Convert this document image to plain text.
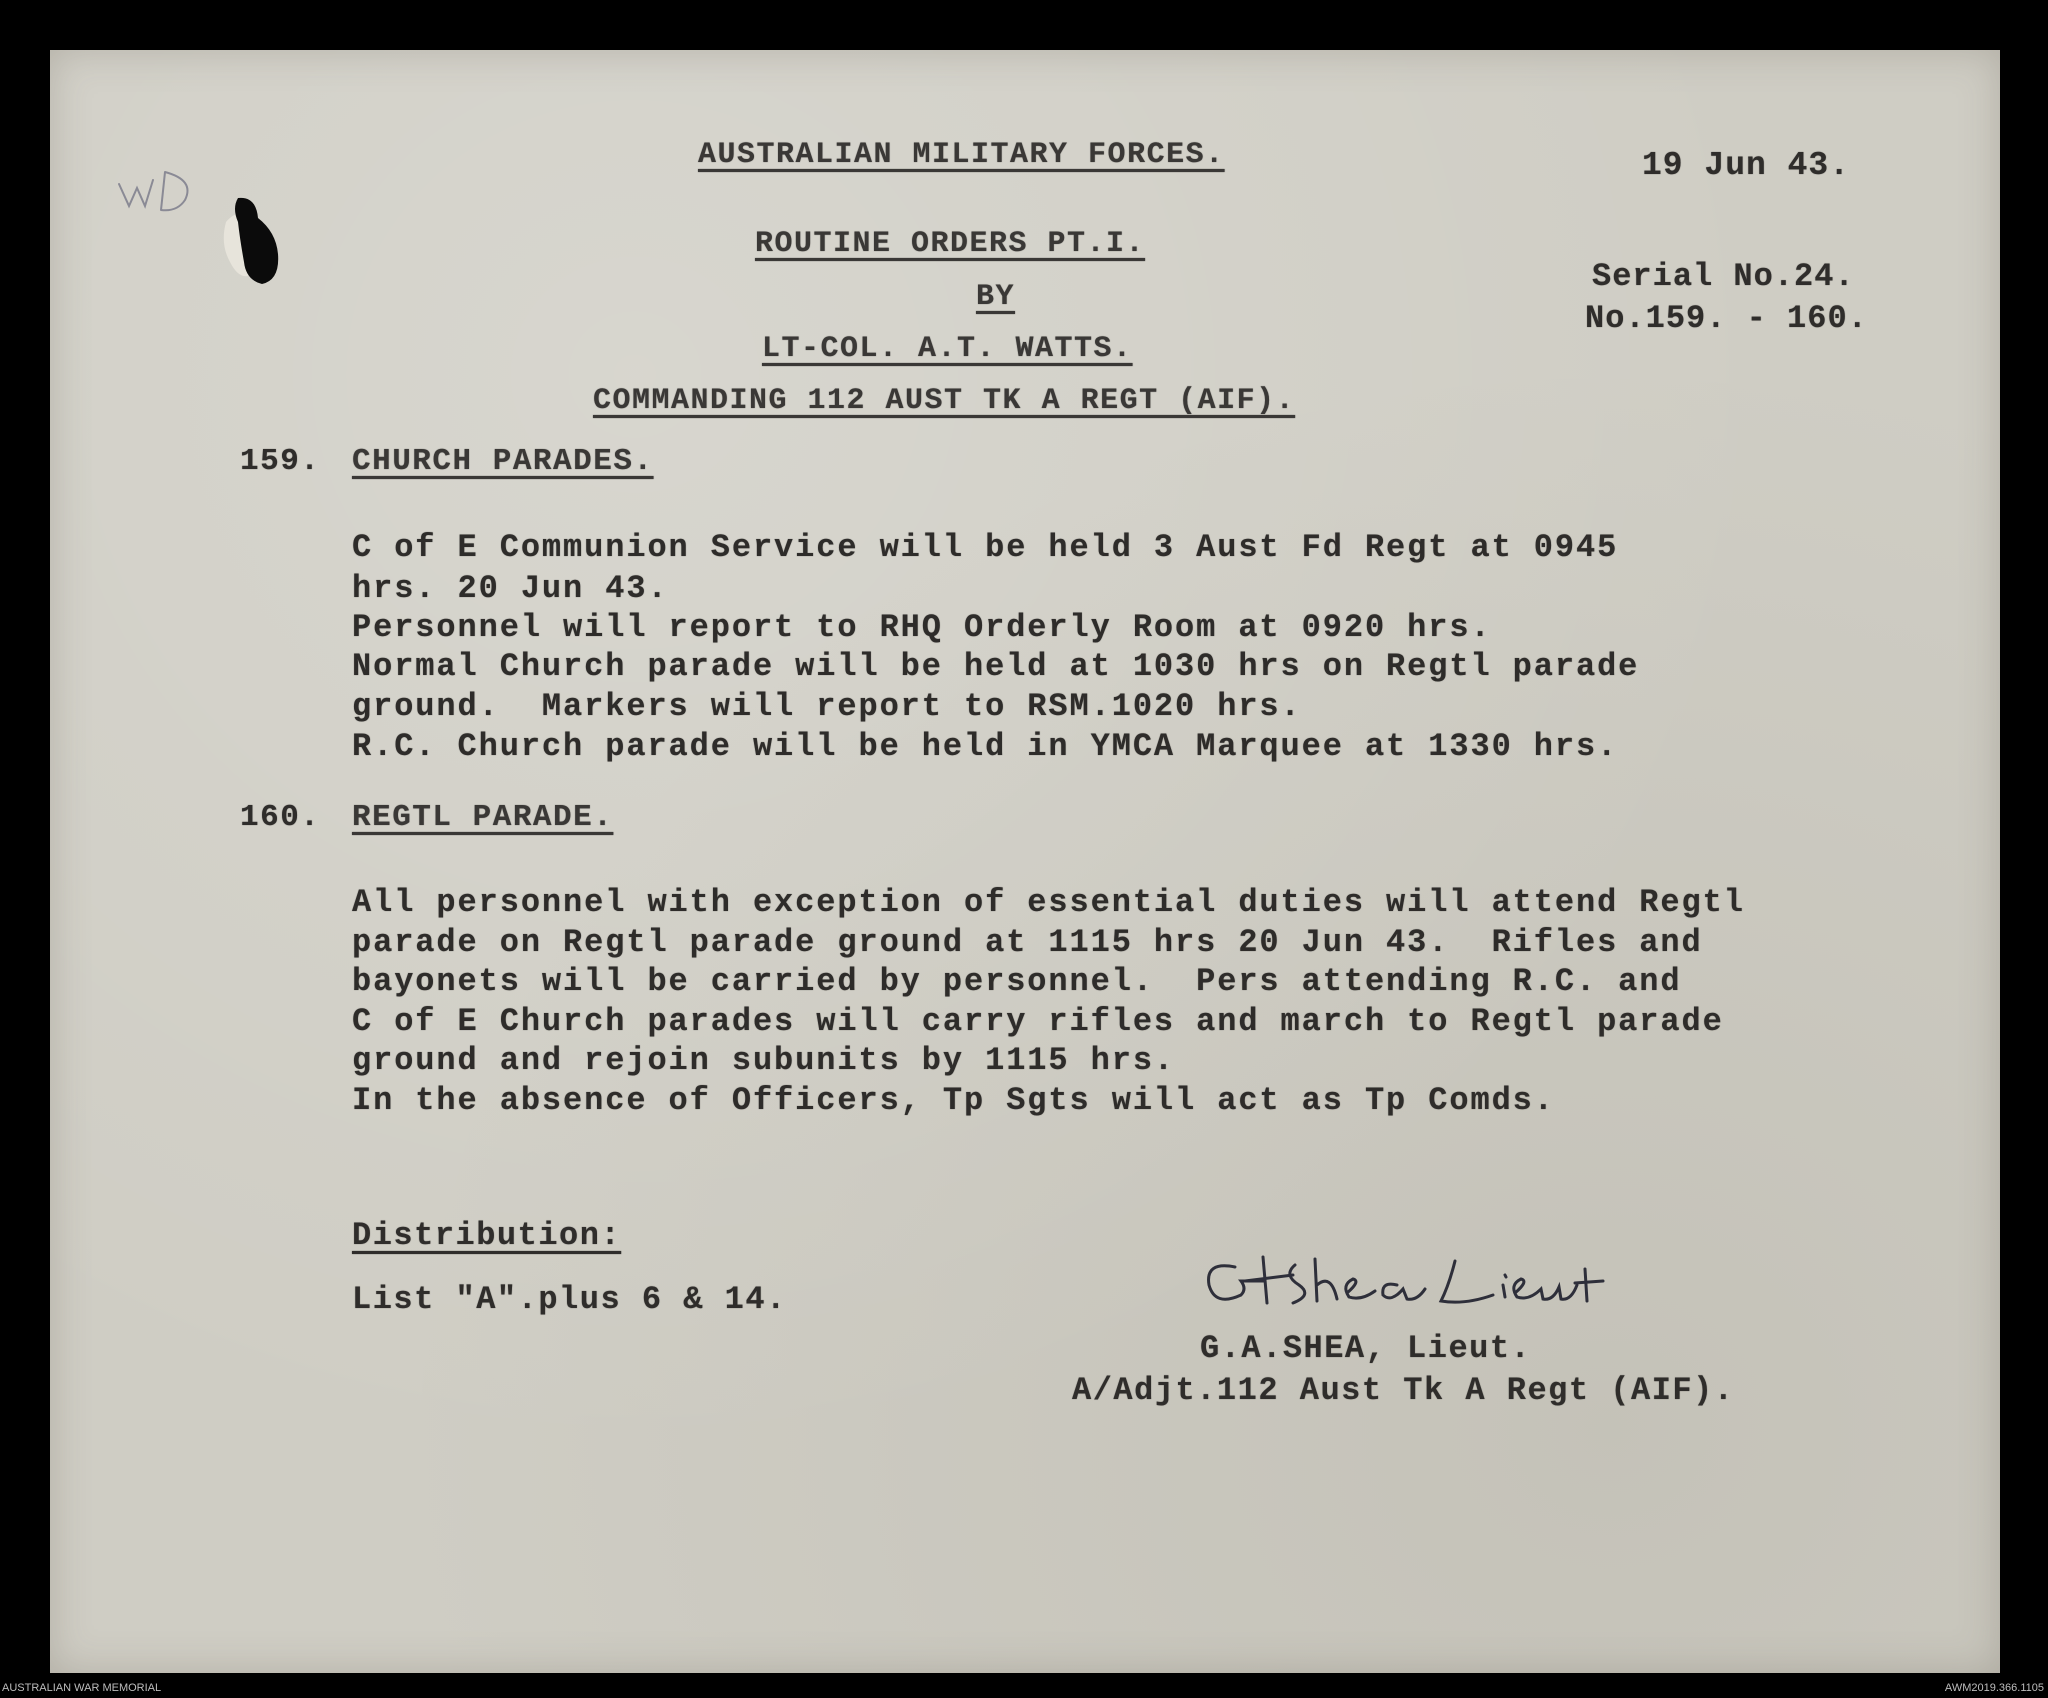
AUSTRALIAN MILITARY FORCES.	19 Jun 43.
ROUTINE ORDERS PT.I.
BY
Serial No.24.
No.159. - 160.
LT-COL. A.T. WATTS.
COMMANDING 112 AUST TK A REGT (AIF).
159. CHURCH PARADES.
C of E Communion Service will be held 3 Aust Fd Regt at 0945
hrs. 20 Jun 43.
Personnel will report to RHQ Orderly Room at 0920 hrs.
Normal Church parade will be held at 1030 hrs on Regtl parade
ground.  Markers will report to RSM.1020 hrs.
R.C. Church parade will be held in YMCA Marquee at 1330 hrs.
160. REGTL PARADE.
All personnel with exception of essential duties will attend Regtl
parade on Regtl parade ground at 1115 hrs 20 Jun 43.  Rifles and
bayonets will be carried by personnel.  Pers attending R.C. and
C of E Church parades will carry rifles and march to Regtl parade
ground and rejoin subunits by 1115 hrs.
In the absence of Officers, Tp Sgts will act as Tp Comds.
Distribution:
List "A".plus 6 & 14.
G.A.SHEA, Lieut.
A/Adjt.112 Aust Tk A Regt (AIF).
AUSTRALIAN WAR MEMORIAL	AWM2019.366.1105
